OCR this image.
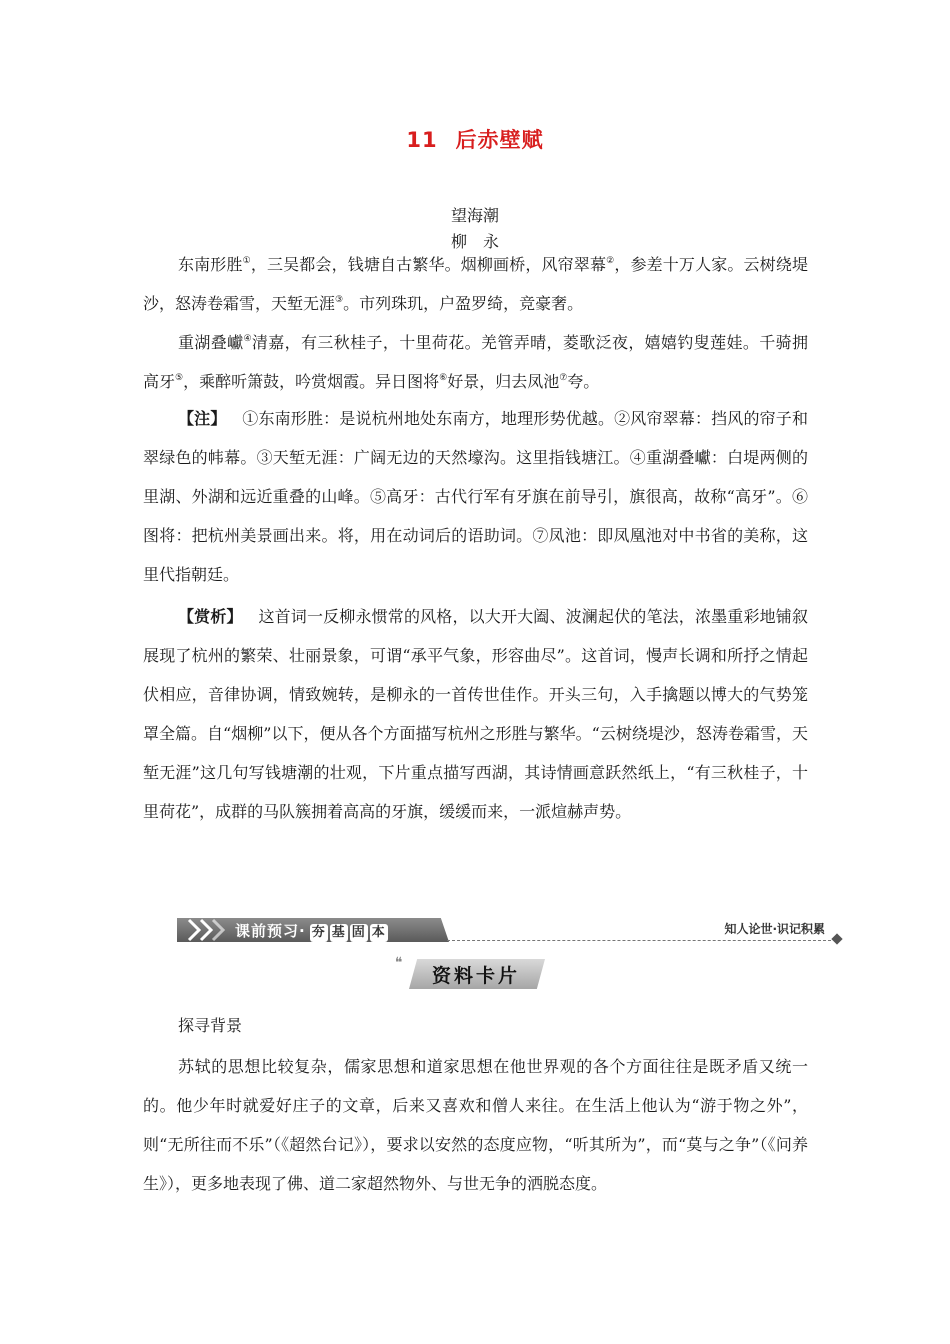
11 后赤壁赋
望海潮
柳永

东南形胜①，三吴都会，钱塘自古繁华。烟柳画桥，风帘翠幕②，参差十万人家。云树绕堤沙，怒涛卷霜雪，天堑无涯③。市列珠玑，户盈罗绮，竞豪奢。

重湖叠巘④清嘉，有三秋桂子，十里荷花。羌管弄晴，菱歌泛夜，嬉嬉钓叟莲娃。千骑拥高牙⑤，乘醉听箫鼓，吟赏烟霞。异日图将⑥好景，归去凤池⑦夸。

【注】 ①东南形胜：是说杭州地处东南方，地理形势优越。②风帘翠幕：挡风的帘子和翠绿色的帏幕。③天堑无涯：广阔无边的天然壕沟。这里指钱塘江。④重湖叠巘：白堤两侧的里湖、外湖和远近重叠的山峰。⑤高牙：古代行军有牙旗在前导引，旗很高，故称“高牙”。⑥图将：把杭州美景画出来。将，用在动词后的语助词。⑦凤池：即凤凰池对中书省的美称，这里代指朝廷。

【赏析】 这首词一反柳永惯常的风格，以大开大阖、波澜起伏的笔法，浓墨重彩地铺叙展现了杭州的繁荣、壮丽景象，可谓“承平气象，形容曲尽”。这首词，慢声长调和所抒之情起伏相应，音律协调，情致婉转，是柳永的一首传世佳作。开头三句，入手擒题以博大的气势笼罩全篇。自“烟柳”以下，便从各个方面描写杭州之形胜与繁华。“云树绕堤沙，怒涛卷霜雪，天堑无涯”这几句写钱塘潮的壮观，下片重点描写西湖，其诗情画意跃然纸上，“有三秋桂子，十里荷花”，成群的马队簇拥着高高的牙旗，缓缓而来，一派煊赫声势。

课前预习· 夯 基 固 本	知人论世·识记积累
❝
资料卡片
探寻背景

苏轼的思想比较复杂，儒家思想和道家思想在他世界观的各个方面往往是既矛盾又统一的。他少年时就爱好庄子的文章，后来又喜欢和僧人来往。在生活上他认为“游于物之外”，则“无所往而不乐”（《超然台记》），要求以安然的态度应物，“听其所为”，而“莫与之争”（《问养生》），更多地表现了佛、道二家超然物外、与世无争的洒脱态度。
